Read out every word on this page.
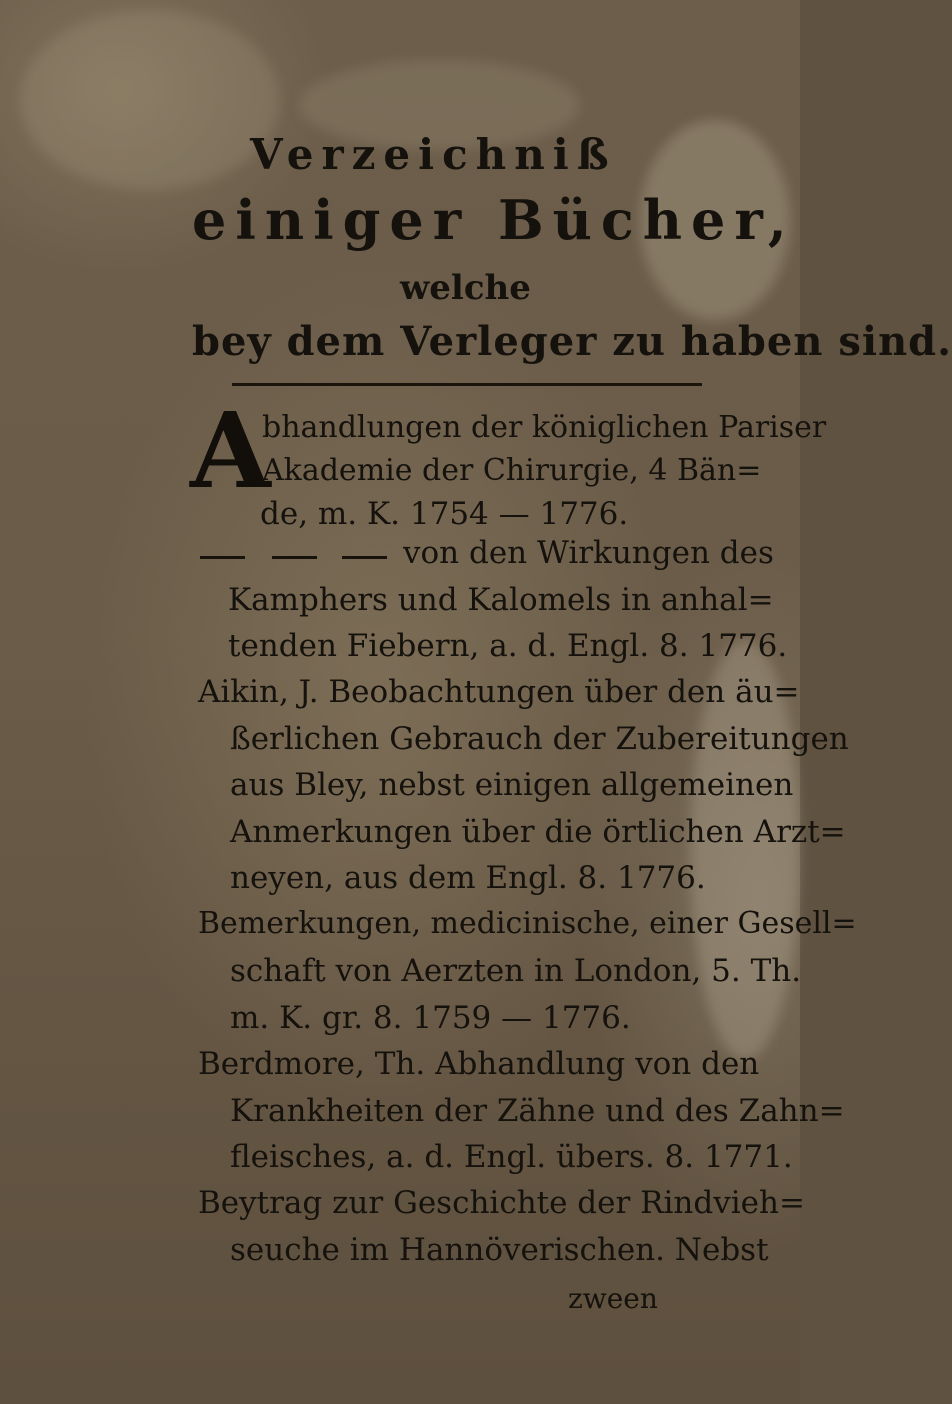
Verzeichniß
einiger Bücher,
welche
bey dem Verleger zu haben sind.
A
bhandlungen der königlichen Pariser
Akademie der Chirurgie, 4 Bän=
de, m. K. 1754 — 1776.
von den Wirkungen des
Kamphers und Kalomels in anhal=
tenden Fiebern, a. d. Engl. 8. 1776.
Aikin, J. Beobachtungen über den äu=
ßerlichen Gebrauch der Zubereitungen
aus Bley, nebst einigen allgemeinen
Anmerkungen über die örtlichen Arzt=
neyen, aus dem Engl. 8. 1776.
Bemerkungen, medicinische, einer Gesell=
schaft von Aerzten in London, 5. Th.
m. K. gr. 8. 1759 — 1776.
Berdmore, Th. Abhandlung von den
Krankheiten der Zähne und des Zahn=
fleisches, a. d. Engl. übers. 8. 1771.
Beytrag zur Geschichte der Rindvieh=
seuche im Hannöverischen. Nebst
zween
